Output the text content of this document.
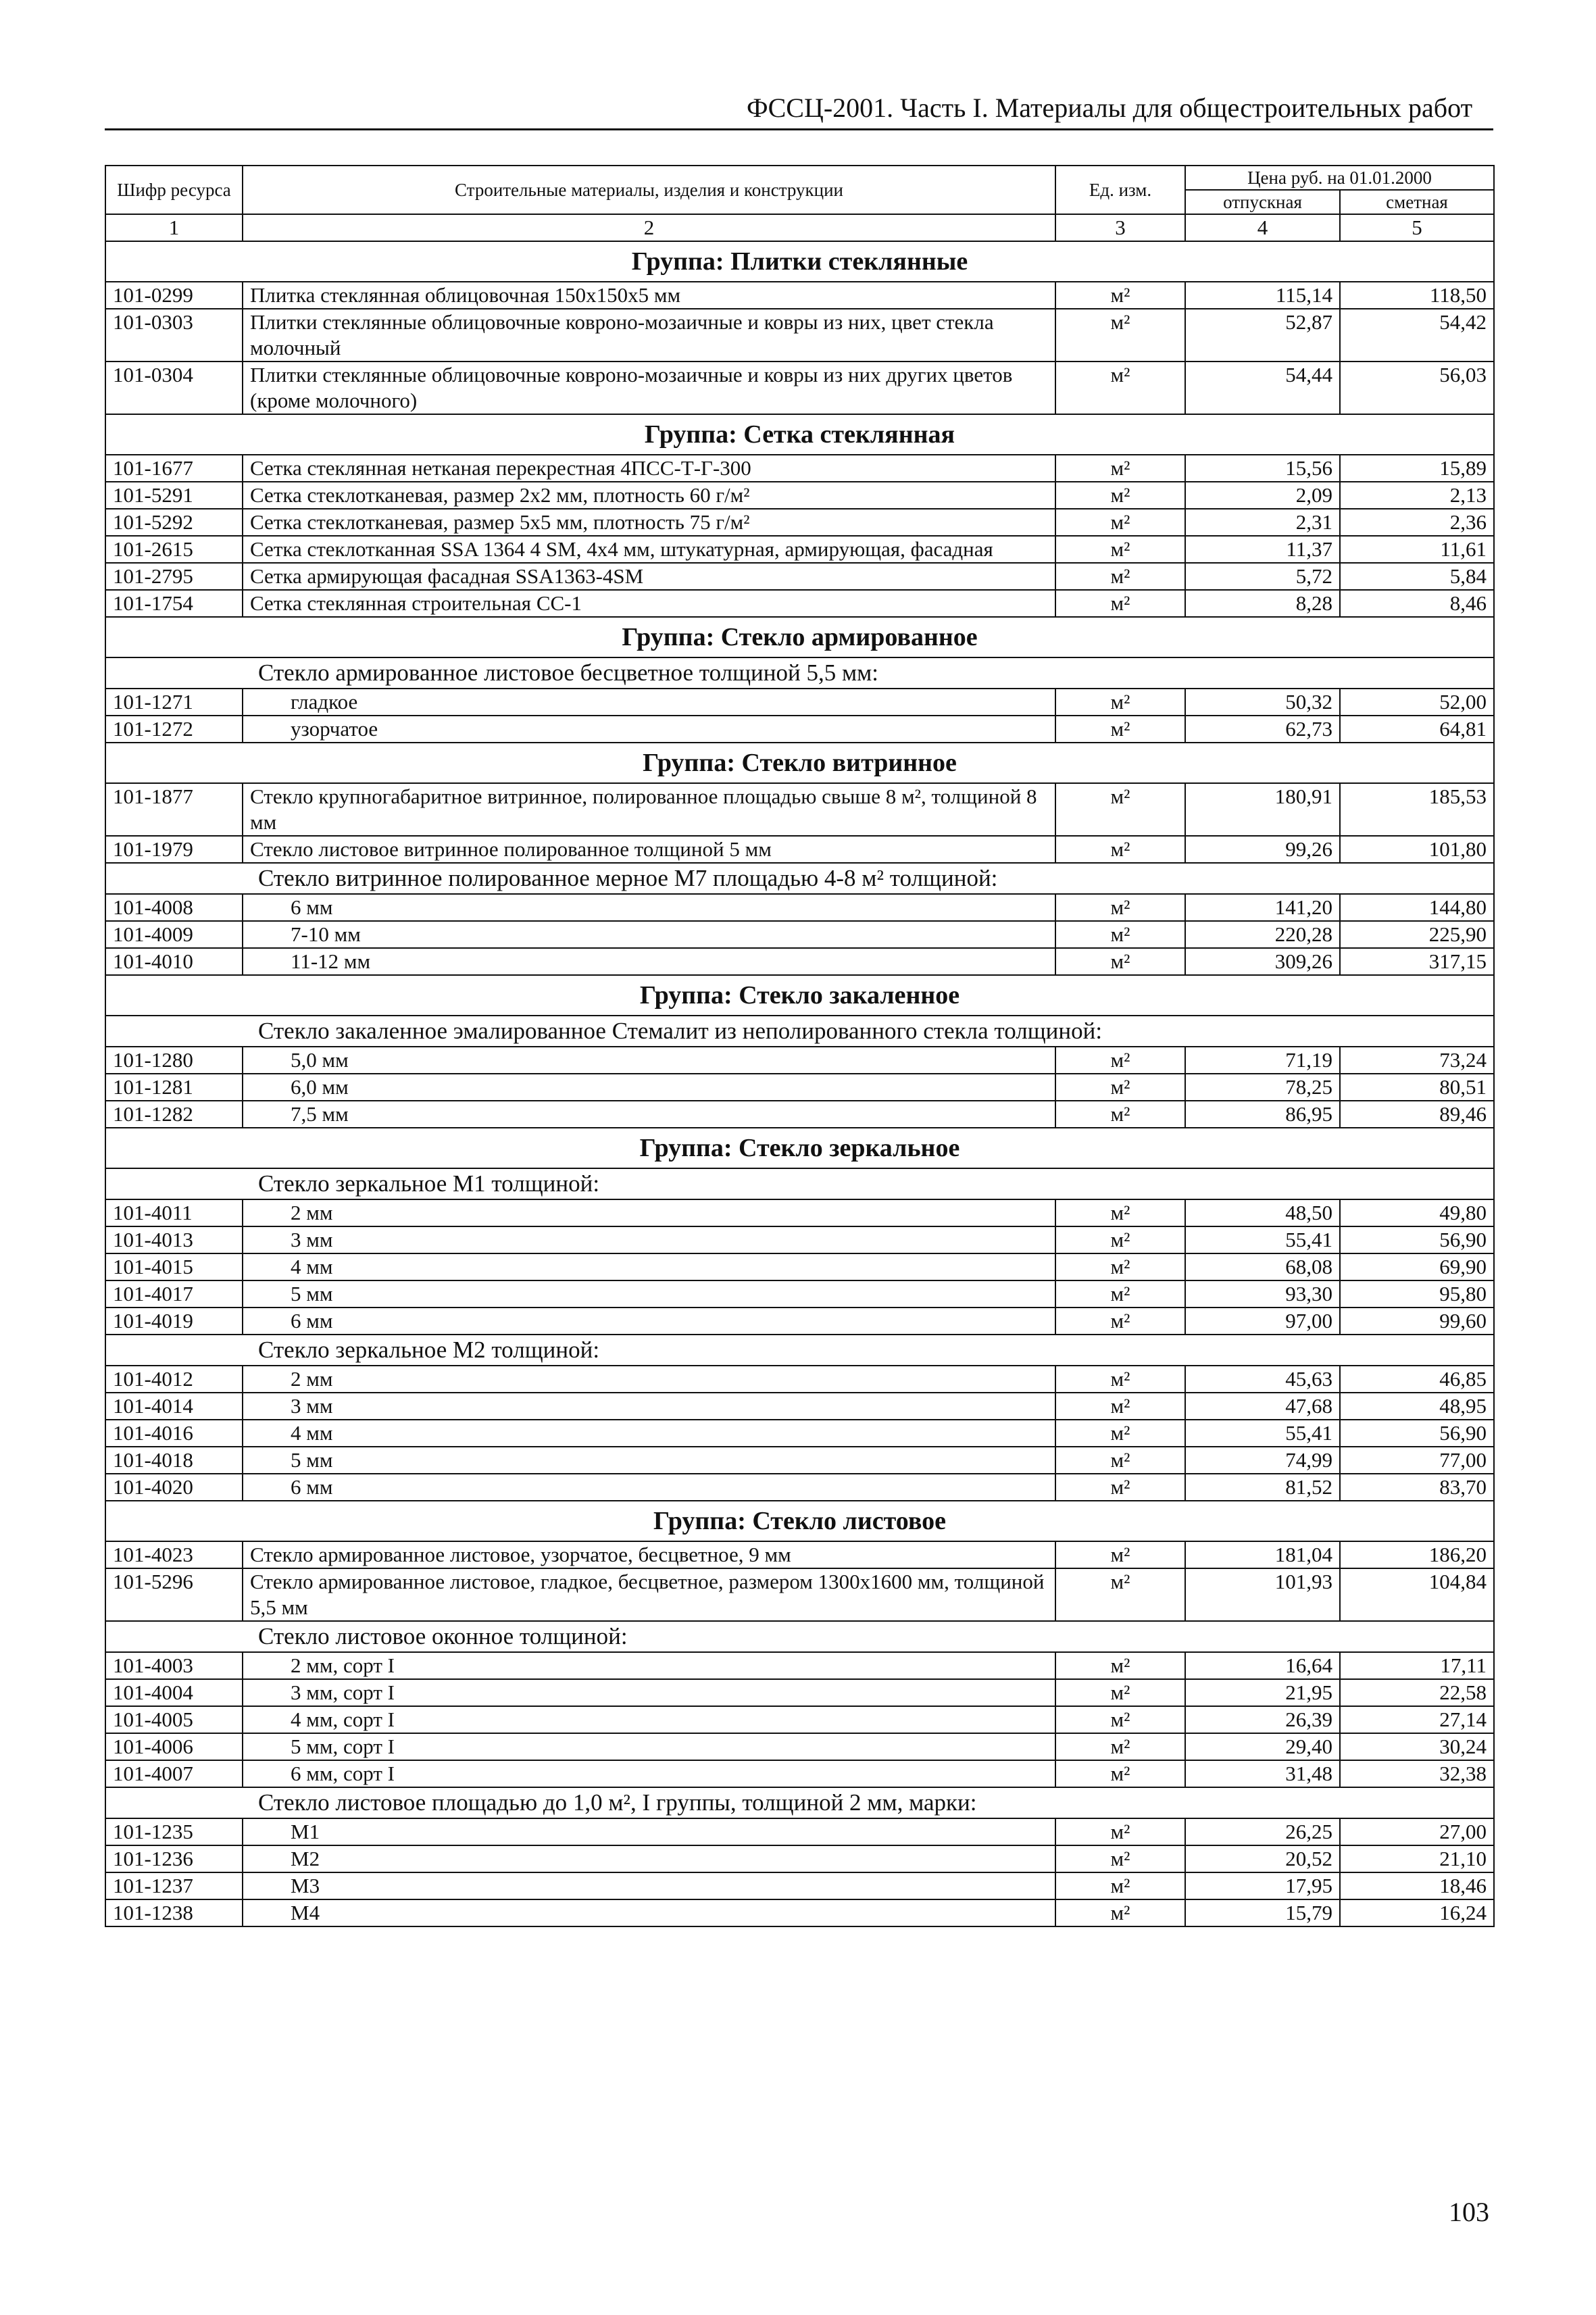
ФССЦ-2001. Часть I. Материалы для общестроительных работ
Шифр ресурса	Строительные материалы, изделия и конструкции	Ед. изм.	Цена руб. на 01.01.2000	
			отпускная	сметная
1	2	3	4	5
Группа: Плитки стеклянные				
101-0299	Плитка стеклянная облицовочная 150х150х5 мм	м²	115,14	118,50
101-0303	Плитки стеклянные облицовочные ковроно-мозаичные и ковры из них, цвет стекла молочный	м²	52,87	54,42
101-0304	Плитки стеклянные облицовочные ковроно-мозаичные и ковры из них других цветов (кроме молочного)	м²	54,44	56,03
Группа: Сетка стеклянная				
101-1677	Сетка стеклянная нетканая перекрестная 4ПСС-Т-Г-300	м²	15,56	15,89
101-5291	Сетка стеклотканевая, размер 2х2 мм, плотность 60 г/м²	м²	2,09	2,13
101-5292	Сетка стеклотканевая, размер 5х5 мм, плотность 75 г/м²	м²	2,31	2,36
101-2615	Сетка стеклотканная SSA 1364 4 SM, 4х4 мм, штукатурная, армирующая, фасадная	м²	11,37	11,61
101-2795	Сетка армирующая фасадная SSA1363-4SM	м²	5,72	5,84
101-1754	Сетка стеклянная строительная СС-1	м²	8,28	8,46
Группа: Стекло армированное				
Стекло армированное листовое бесцветное толщиной 5,5 мм:				
101-1271	гладкое	м²	50,32	52,00
101-1272	узорчатое	м²	62,73	64,81
Группа: Стекло витринное				
101-1877	Стекло крупногабаритное витринное, полированное площадью свыше 8 м², толщиной 8 мм	м²	180,91	185,53
101-1979	Стекло листовое витринное полированное толщиной 5 мм	м²	99,26	101,80
Стекло витринное полированное мерное М7 площадью 4-8 м² толщиной:				
101-4008	6 мм	м²	141,20	144,80
101-4009	7-10 мм	м²	220,28	225,90
101-4010	11-12 мм	м²	309,26	317,15
Группа: Стекло закаленное				
Стекло закаленное эмалированное Стемалит из неполированного стекла толщиной:				
101-1280	5,0 мм	м²	71,19	73,24
101-1281	6,0 мм	м²	78,25	80,51
101-1282	7,5 мм	м²	86,95	89,46
Группа: Стекло зеркальное				
Стекло зеркальное М1 толщиной:				
101-4011	2 мм	м²	48,50	49,80
101-4013	3 мм	м²	55,41	56,90
101-4015	4 мм	м²	68,08	69,90
101-4017	5 мм	м²	93,30	95,80
101-4019	6 мм	м²	97,00	99,60
Стекло зеркальное М2 толщиной:				
101-4012	2 мм	м²	45,63	46,85
101-4014	3 мм	м²	47,68	48,95
101-4016	4 мм	м²	55,41	56,90
101-4018	5 мм	м²	74,99	77,00
101-4020	6 мм	м²	81,52	83,70
Группа: Стекло листовое				
101-4023	Стекло армированное листовое, узорчатое, бесцветное, 9 мм	м²	181,04	186,20
101-5296	Стекло армированное листовое, гладкое, бесцветное, размером 1300х1600 мм, толщиной 5,5 мм	м²	101,93	104,84
Стекло листовое оконное толщиной:				
101-4003	2 мм, сорт I	м²	16,64	17,11
101-4004	3 мм, сорт I	м²	21,95	22,58
101-4005	4 мм, сорт I	м²	26,39	27,14
101-4006	5 мм, сорт I	м²	29,40	30,24
101-4007	6 мм, сорт I	м²	31,48	32,38
Стекло листовое площадью до 1,0 м², I группы, толщиной 2 мм, марки:				
101-1235	М1	м²	26,25	27,00
101-1236	М2	м²	20,52	21,10
101-1237	М3	м²	17,95	18,46
101-1238	М4	м²	15,79	16,24
103
